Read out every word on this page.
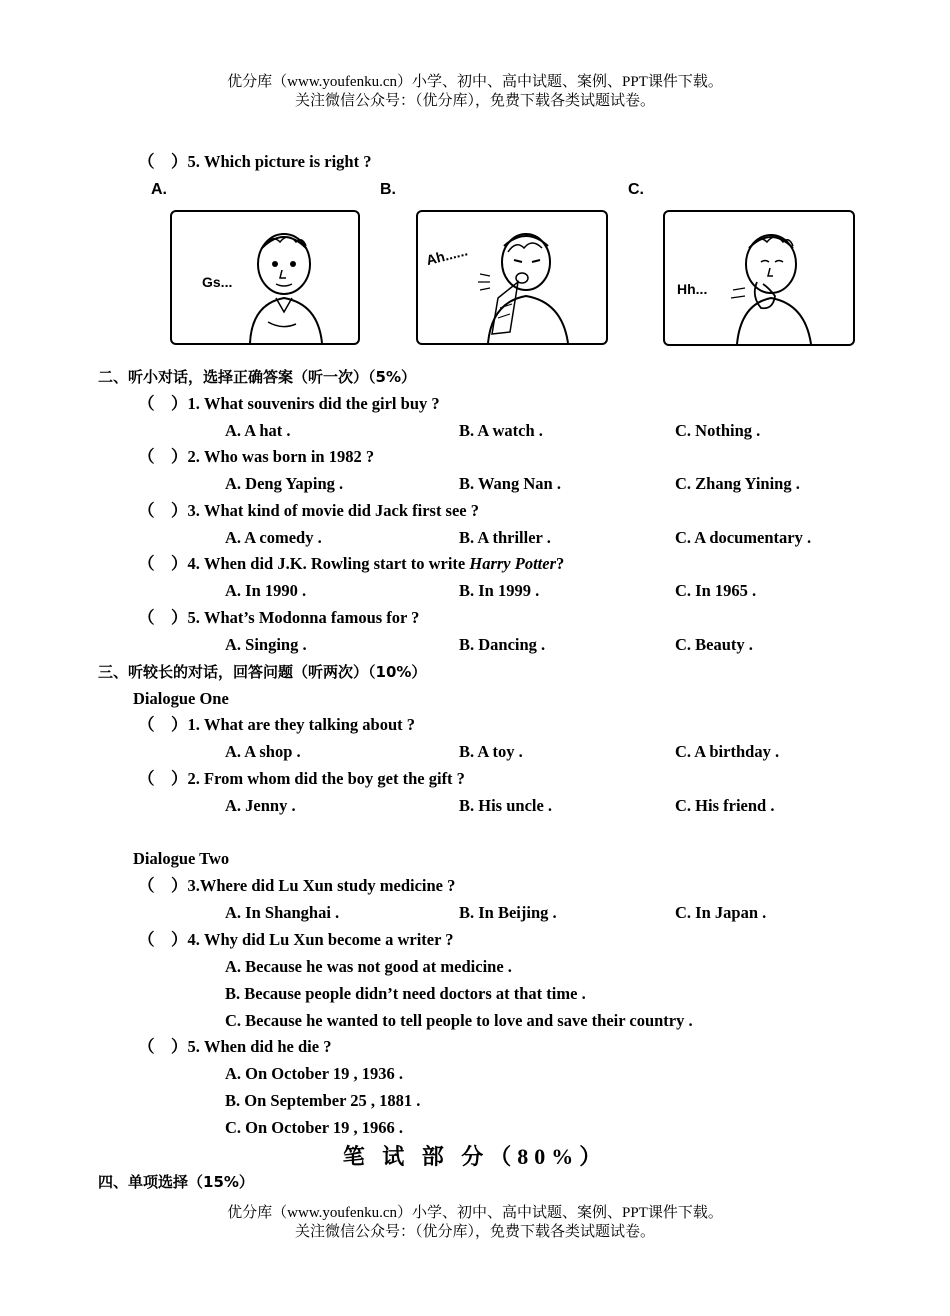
优分库（www.youfenku.cn）小学、初中、高中试题、案例、PPT课件下载。
关注微信公众号：（优分库），免费下载各类试题试卷。
（　）5. Which picture is right ?
A.	B.	C.
Gs...
Ah......
Hh...
二、听小对话，选择正确答案（听一次）（5%）
（　）1. What souvenirs did the girl buy ?
A. A hat .	B. A watch .	C. Nothing .
（　）2. Who was born in 1982 ?
A. Deng Yaping .	B. Wang Nan .	C. Zhang Yining .
（　）3. What kind of movie did Jack first see ?
A. A comedy .	B. A thriller .	C. A documentary .
（　）4. When did J.K. Rowling start to write Harry Potter?
A. In 1990 .	B. In 1999 .	C. In 1965 .
（　）5. What’s Modonna famous for ?
A. Singing .	B. Dancing .	C. Beauty .
三、听较长的对话，回答问题（听两次）（10%）
Dialogue One
（　）1. What are they talking about ?
A. A shop .	B. A toy .	C. A birthday .
（　）2. From whom did the boy get the gift ?
A. Jenny .	B. His uncle .	C. His friend .
Dialogue Two
（　）3.Where did Lu Xun study medicine ?
A. In Shanghai .	B. In Beijing .	C. In Japan .
（　）4. Why did Lu Xun become a writer ?
A. Because he was not good at medicine .
B. Because people didn’t need doctors at that time .
C. Because he wanted to tell people to love and save their country .
（　）5. When did he die ?
A. On October 19 , 1936 .
B. On September 25 , 1881 .
C. On October 19 , 1966 .
笔 试 部 分（80%）
四、单项选择（15%）
优分库（www.youfenku.cn）小学、初中、高中试题、案例、PPT课件下载。
关注微信公众号：（优分库），免费下载各类试题试卷。
